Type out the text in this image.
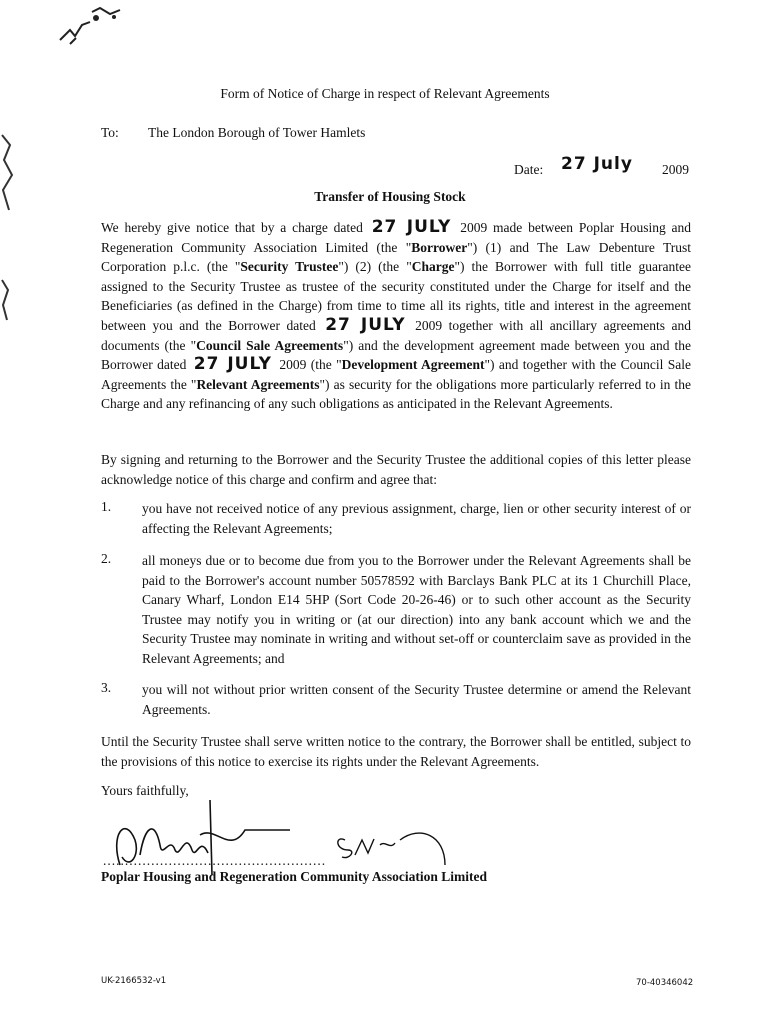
Form of Notice of Charge in respect of Relevant Agreements
To: The London Borough of Tower Hamlets
Date: 27 July 2009
Transfer of Housing Stock
We hereby give notice that by a charge dated 27 JULY 2009 made between Poplar Housing and Regeneration Community Association Limited (the "Borrower") (1) and The Law Debenture Trust Corporation p.l.c. (the "Security Trustee") (2) (the "Charge") the Borrower with full title guarantee assigned to the Security Trustee as trustee of the security constituted under the Charge for itself and the Beneficiaries (as defined in the Charge) from time to time all its rights, title and interest in the agreement between you and the Borrower dated 27 JULY 2009 together with all ancillary agreements and documents (the "Council Sale Agreements") and the development agreement made between you and the Borrower dated 27 JULY 2009 (the "Development Agreement") and together with the Council Sale Agreements the "Relevant Agreements") as security for the obligations more particularly referred to in the Charge and any refinancing of any such obligations as anticipated in the Relevant Agreements.
By signing and returning to the Borrower and the Security Trustee the additional copies of this letter please acknowledge notice of this charge and confirm and agree that:
1. you have not received notice of any previous assignment, charge, lien or other security interest of or affecting the Relevant Agreements;
2. all moneys due or to become due from you to the Borrower under the Relevant Agreements shall be paid to the Borrower's account number 50578592 with Barclays Bank PLC at its 1 Churchill Place, Canary Wharf, London E14 5HP (Sort Code 20-26-46) or to such other account as the Security Trustee may notify you in writing or (at our direction) into any bank account which we and the Security Trustee may nominate in writing and without set-off or counterclaim save as provided in the Relevant Agreements; and
3. you will not without prior written consent of the Security Trustee determine or amend the Relevant Agreements.
Until the Security Trustee shall serve written notice to the contrary, the Borrower shall be entitled, subject to the provisions of this notice to exercise its rights under the Relevant Agreements.
Yours faithfully,
...................................................
Poplar Housing and Regeneration Community Association Limited
UK-2166532-v1	70-40346042
